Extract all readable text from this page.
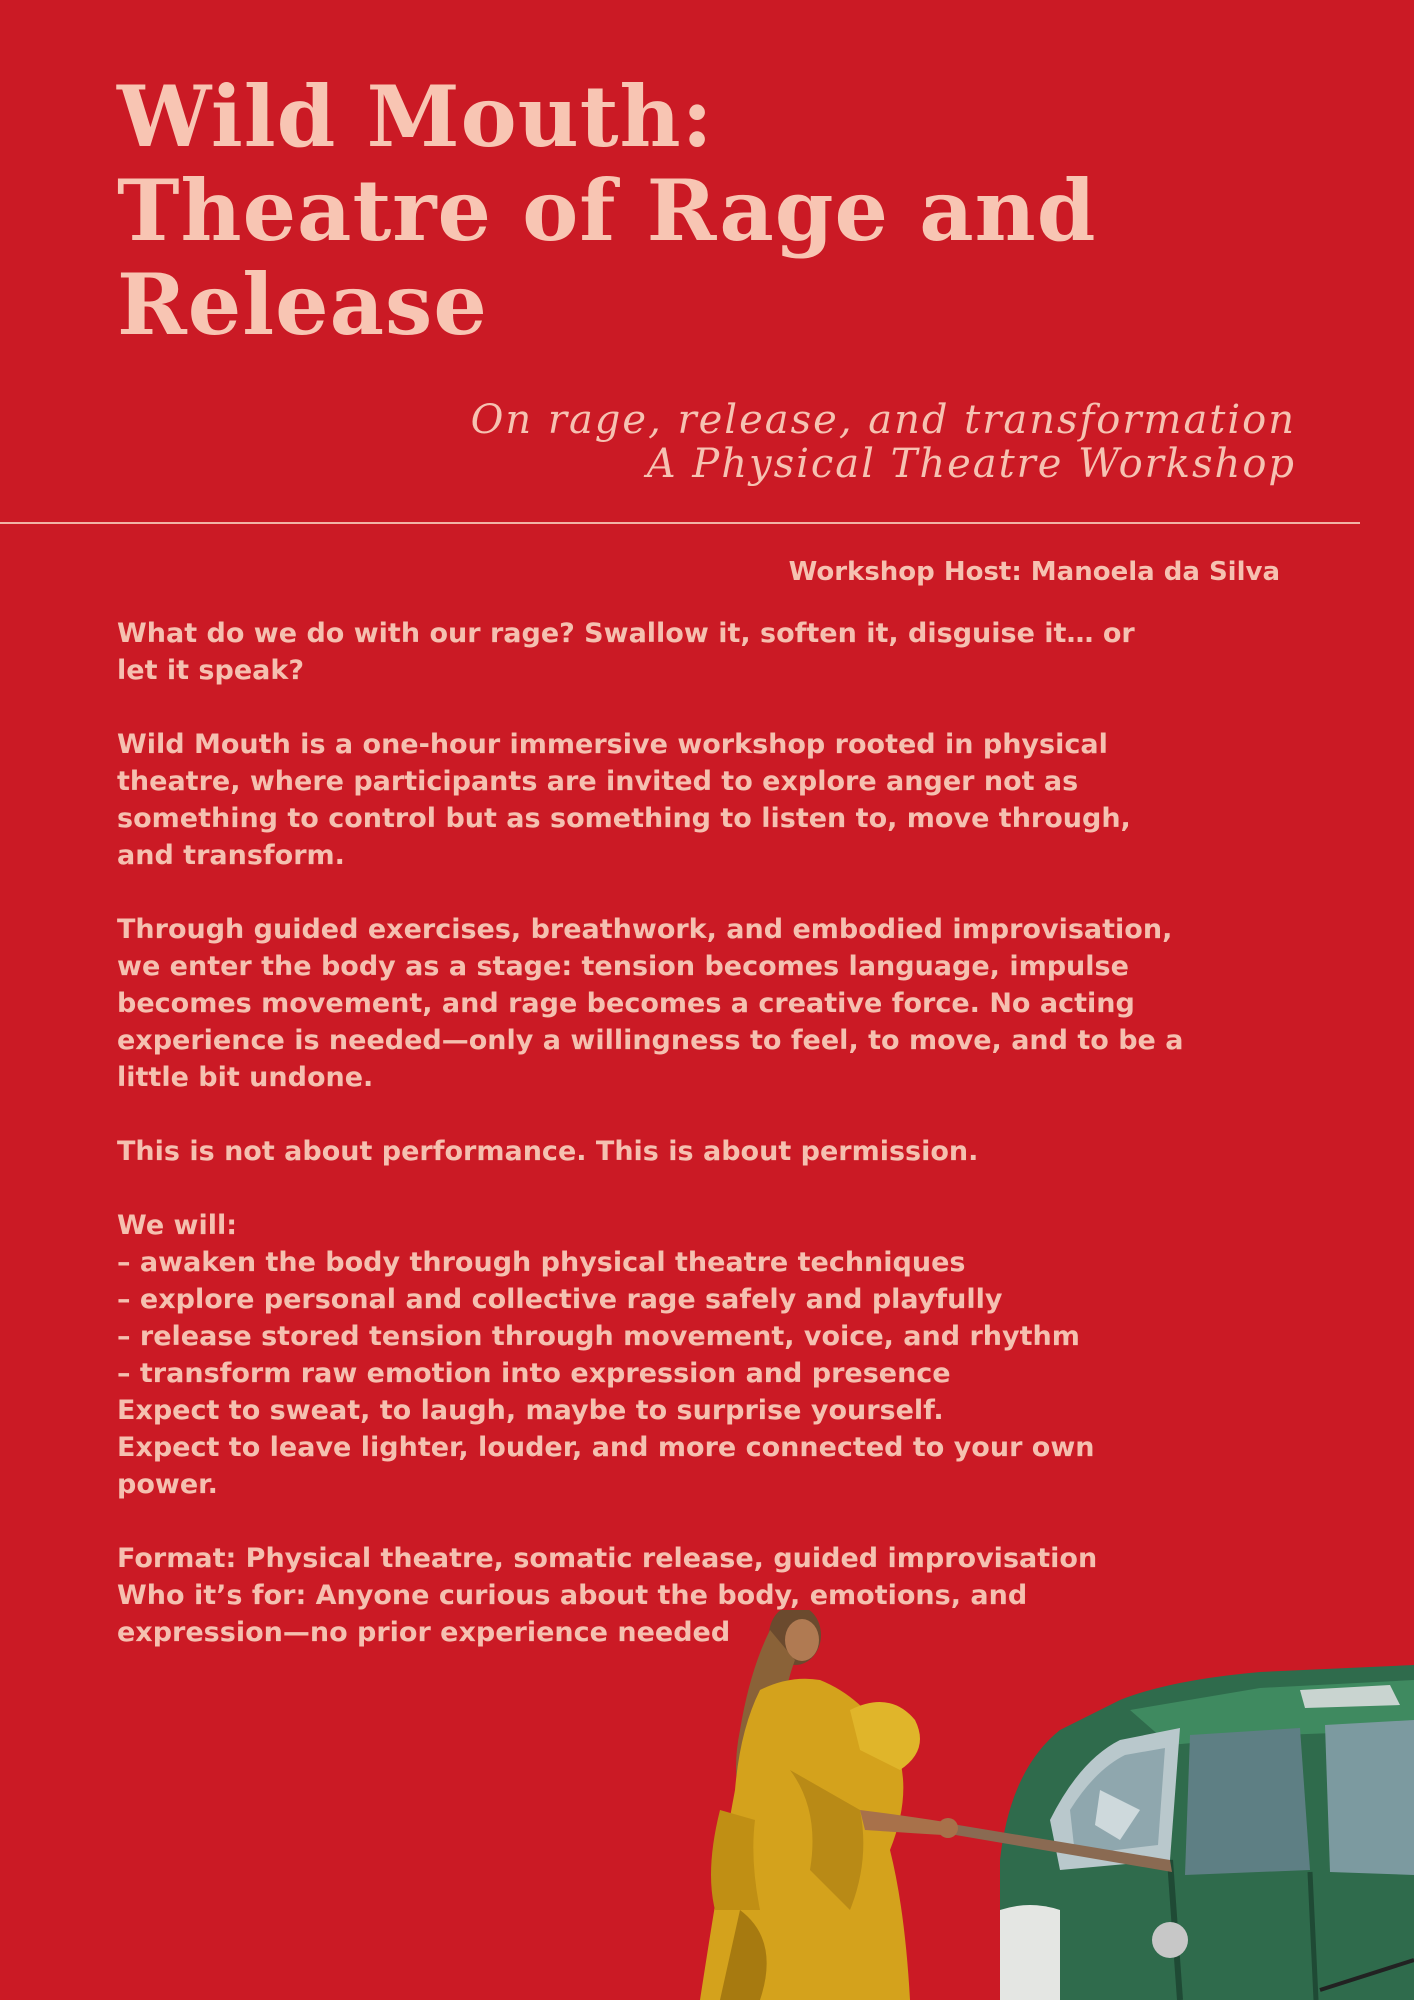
Wild Mouth:
Theatre of Rage and
Release
On rage, release, and transformation
A Physical Theatre Workshop
Workshop Host: Manoela da Silva

What do we do with our rage? Swallow it, soften it, disguise it… or
let it speak?

Wild Mouth is a one-hour immersive workshop rooted in physical
theatre, where participants are invited to explore anger not as
something to control but as something to listen to, move through,
and transform.

Through guided exercises, breathwork, and embodied improvisation,
we enter the body as a stage: tension becomes language, impulse
becomes movement, and rage becomes a creative force. No acting
experience is needed—only a willingness to feel, to move, and to be a
little bit undone.

This is not about performance. This is about permission.

We will:
– awaken the body through physical theatre techniques
– explore personal and collective rage safely and playfully
– release stored tension through movement, voice, and rhythm
– transform raw emotion into expression and presence
Expect to sweat, to laugh, maybe to surprise yourself.
Expect to leave lighter, louder, and more connected to your own
power.

Format: Physical theatre, somatic release, guided improvisation
Who it’s for: Anyone curious about the body, emotions, and
expression—no prior experience needed
